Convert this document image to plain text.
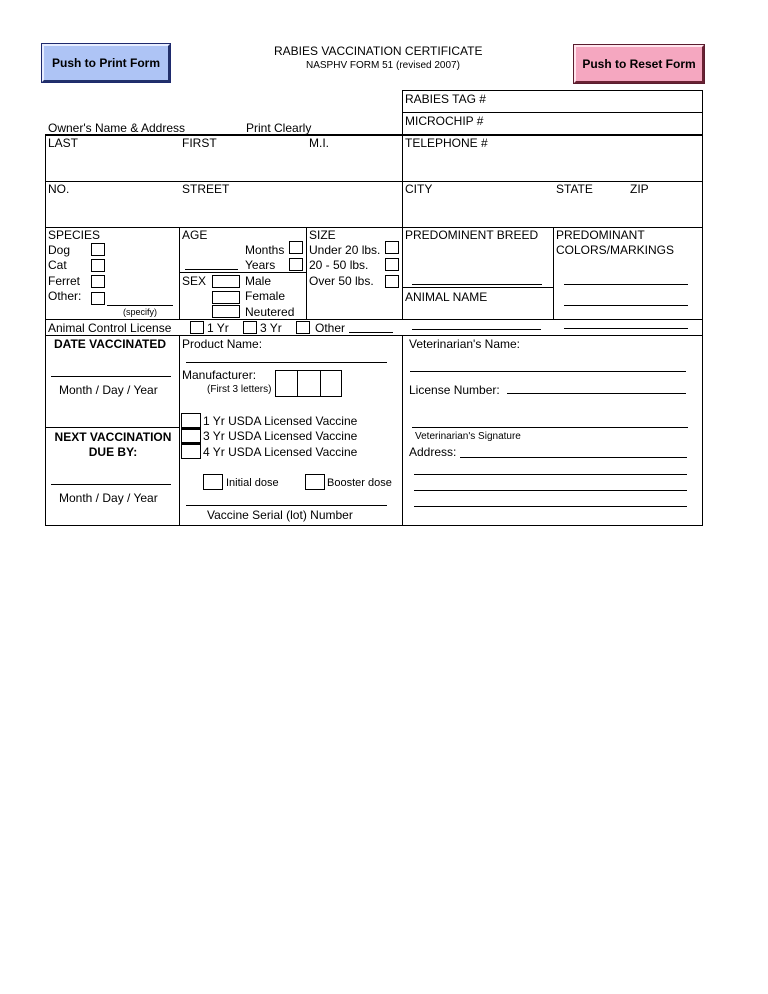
Push to Print Form	Push to Reset Form
RABIES VACCINATION CERTIFICATE
NASPHV FORM 51 (revised 2007)
RABIES TAG #
MICROCHIP #
Owner's Name & Address	Print Clearly
LAST	FIRST	M.I.	TELEPHONE #
NO.	STREET	CITY	STATE	ZIP
SPECIES
Dog
Cat
Ferret
Other:
(specify)
AGE
Months
Years
SEX	Male
Female
Neutered
SIZE
Under 20 lbs.
20 - 50 lbs.
Over 50 lbs.
PREDOMINENT BREED
ANIMAL NAME
PREDOMINANT
COLORS/MARKINGS
Animal Control License	1 Yr	3 Yr	Other
DATE VACCINATED
Month / Day / Year
NEXT VACCINATION
DUE BY:
Month / Day / Year
Product Name:
Manufacturer:
(First 3 letters)
1 Yr USDA Licensed Vaccine
3 Yr USDA Licensed Vaccine
4 Yr USDA Licensed Vaccine
Initial dose	Booster dose
Vaccine Serial (lot) Number
Veterinarian's Name:
License Number:
Veterinarian's Signature
Address:
